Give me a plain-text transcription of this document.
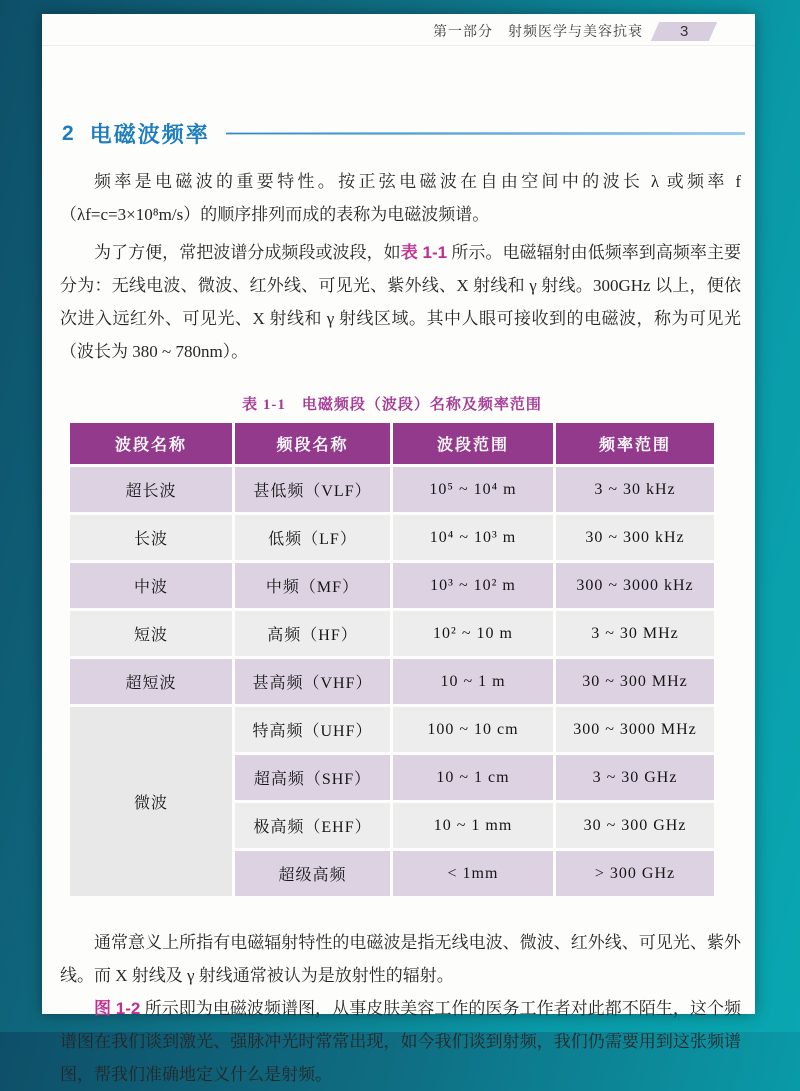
第一部分　射频医学与美容抗衰 3
2 电磁波频率

频率是电磁波的重要特性。按正弦电磁波在自由空间中的波长 λ 或频率 f（λf=c=3×10⁸m/s）的顺序排列而成的表称为电磁波频谱。

为了方便，常把波谱分成频段或波段，如表 1-1 所示。电磁辐射由低频率到高频率主要分为：无线电波、微波、红外线、可见光、紫外线、X 射线和 γ 射线。300GHz 以上，便依次进入远红外、可见光、X 射线和 γ 射线区域。其中人眼可接收到的电磁波，称为可见光（波长为 380 ~ 780nm）。

表 1-1　电磁频段（波段）名称及频率范围
波段名称	频段名称	波段范围	频率范围
超长波	甚低频（VLF）	10⁵ ~ 10⁴ m	3 ~ 30 kHz
长波	低频（LF）	10⁴ ~ 10³ m	30 ~ 300 kHz
中波	中频（MF）	10³ ~ 10² m	300 ~ 3000 kHz
短波	高频（HF）	10² ~ 10 m	3 ~ 30 MHz
超短波	甚高频（VHF）	10 ~ 1 m	30 ~ 300 MHz
微波	特高频（UHF）	100 ~ 10 cm	300 ~ 3000 MHz
	超高频（SHF）	10 ~ 1 cm	3 ~ 30 GHz
	极高频（EHF）	10 ~ 1 mm	30 ~ 300 GHz
	超级高频	< 1mm	> 300 GHz

通常意义上所指有电磁辐射特性的电磁波是指无线电波、微波、红外线、可见光、紫外线。而 X 射线及 γ 射线通常被认为是放射性的辐射。

图 1-2 所示即为电磁波频谱图，从事皮肤美容工作的医务工作者对此都不陌生，这个频谱图在我们谈到激光、强脉冲光时常常出现，如今我们谈到射频，我们仍需要用到这张频谱图，帮我们准确地定义什么是射频。
